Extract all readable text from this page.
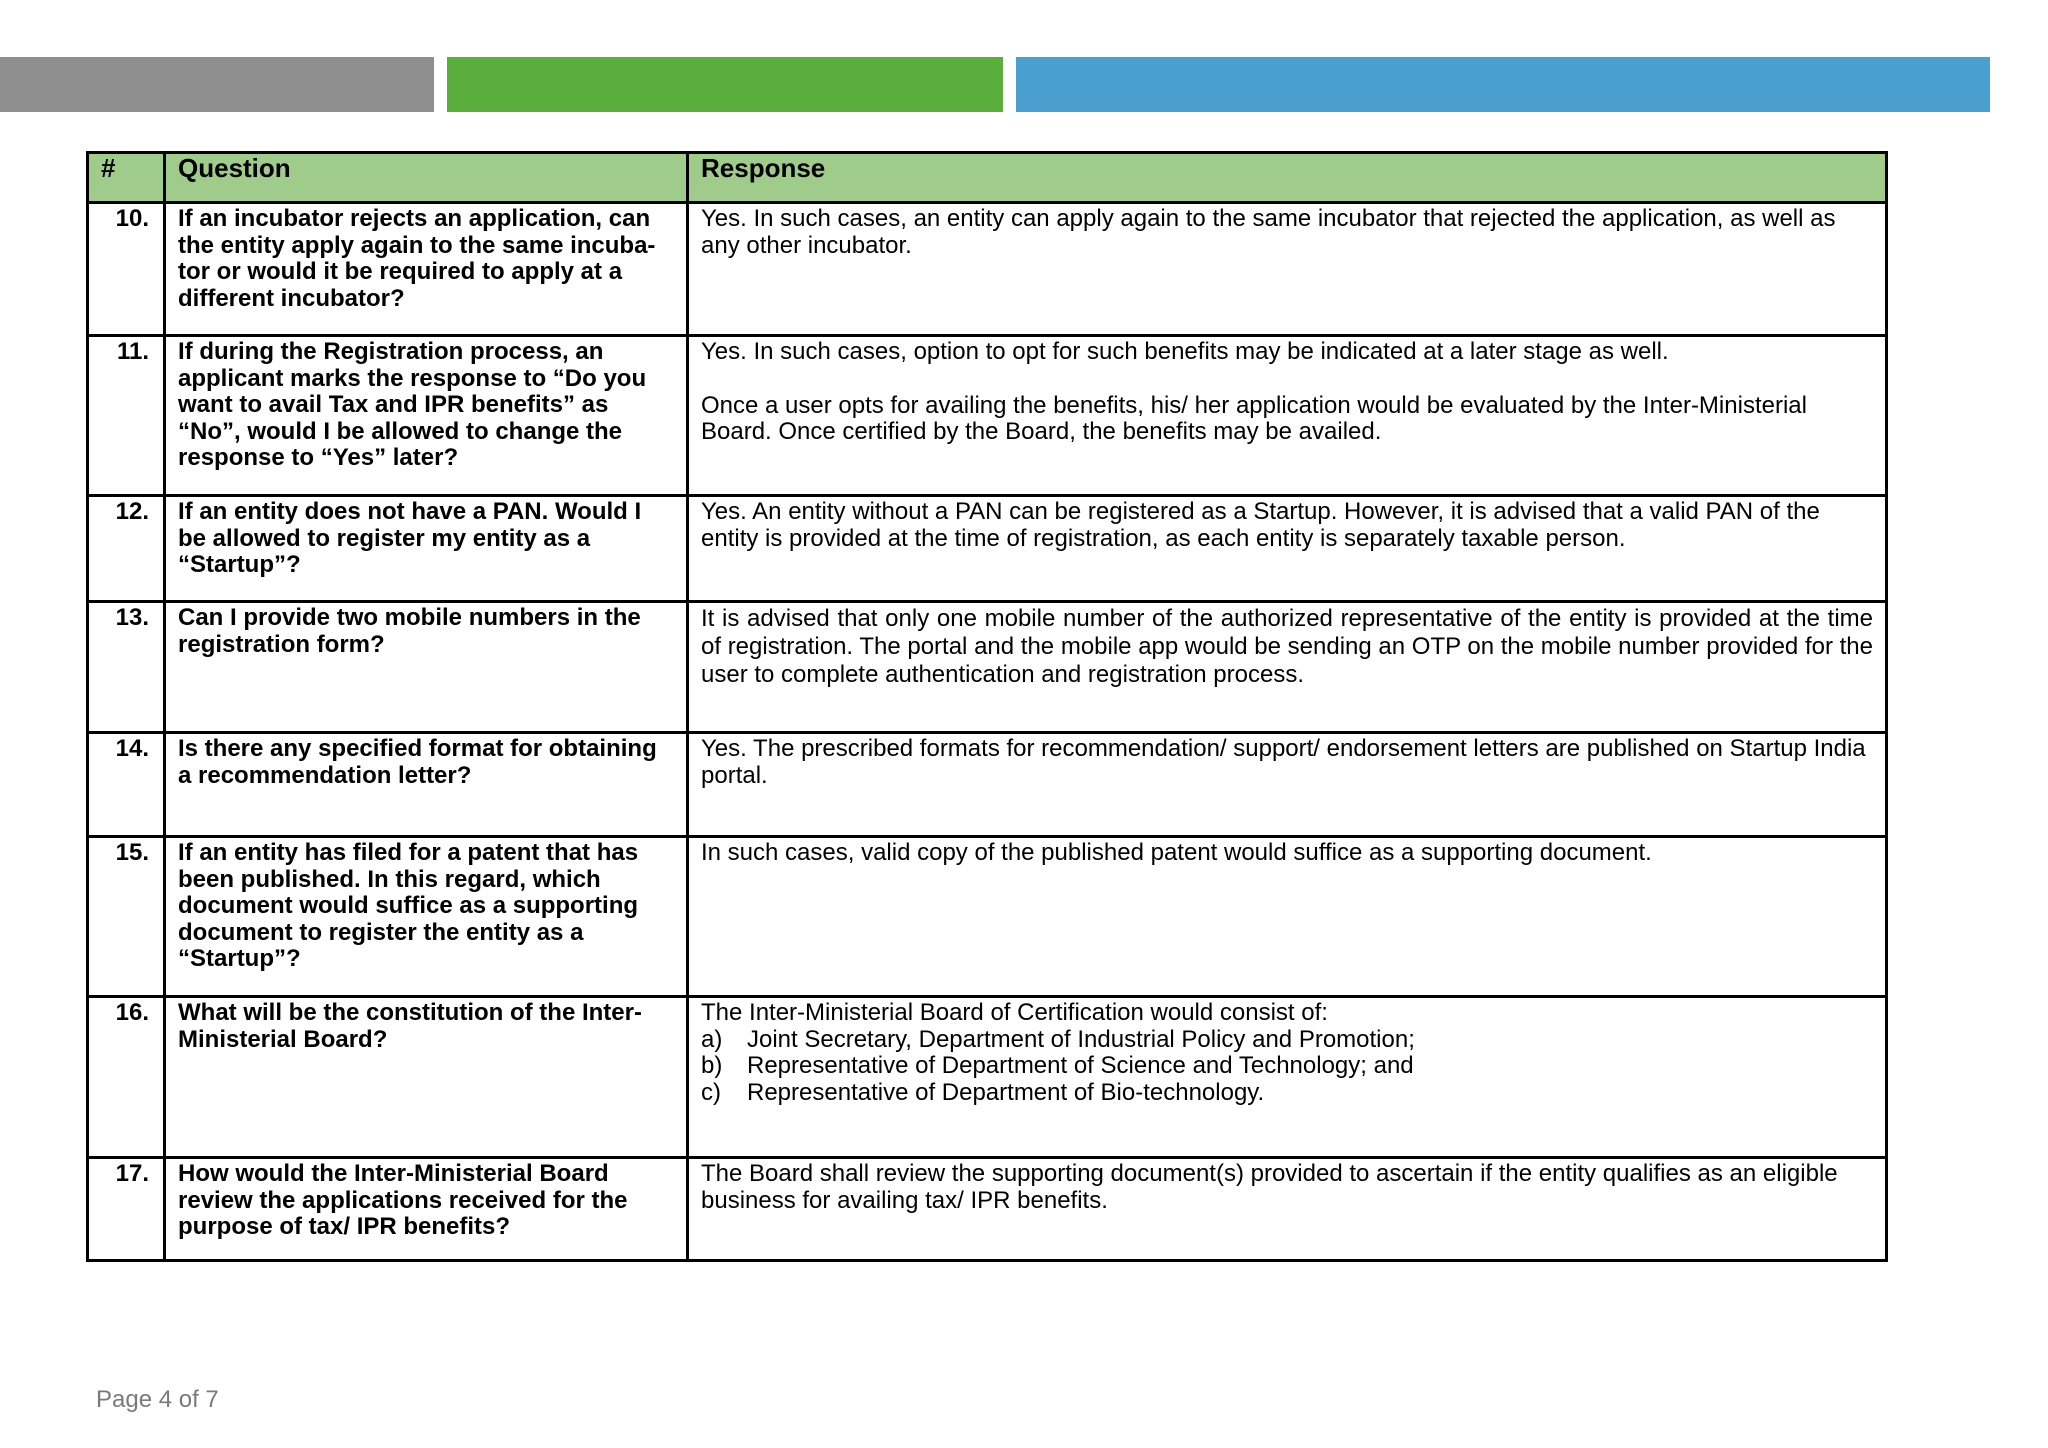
#	Question	Response
10.	If an incubator rejects an application, can the entity apply again to the same incuba-tor or would it be required to apply at a different incubator?	Yes. In such cases, an entity can apply again to the same incubator that rejected the application, as well as any other incubator.

11.	If during the Registration process, an applicant marks the response to “Do you want to avail Tax and IPR benefits” as “No”, would I be allowed to change the response to “Yes” later?	Yes. In such cases, option to opt for such benefits may be indicated at a later stage as well.

Once a user opts for availing the benefits, his/ her application would be evaluated by the Inter-Ministerial Board. Once certified by the Board, the benefits may be availed.

12.	If an entity does not have a PAN. Would I be allowed to register my entity as a “Startup”?	Yes. An entity without a PAN can be registered as a Startup. However, it is advised that a valid PAN of the entity is provided at the time of registration, as each entity is separately taxable person.

13.	Can I provide two mobile numbers in the registration form?	It is advised that only one mobile number of the authorized representative of the entity is provided at the time of registration. The portal and the mobile app would be sending an OTP on the mobile number provided for the user to complete authentication and registration process.

14.	Is there any specified format for obtaining a recommendation letter?	Yes. The prescribed formats for recommendation/ support/ endorsement letters are published on Startup India portal.

15.	If an entity has filed for a patent that has been published. In this regard, which document would suffice as a supporting document to register the entity as a “Startup”?	In such cases, valid copy of the published patent would suffice as a supporting document.

16.	What will be the constitution of the Inter-Ministerial Board?	The Inter-Ministerial Board of Certification would consist of:

a) Joint Secretary, Department of Industrial Policy and Promotion;
b) Representative of Department of Science and Technology; and
c) Representative of Department of Bio-technology.

17.	How would the Inter-Ministerial Board review the applications received for the purpose of tax/ IPR benefits?	The Board shall review the supporting document(s) provided to ascertain if the entity qualifies as an eligible business for availing tax/ IPR benefits.

Page 4 of 7
